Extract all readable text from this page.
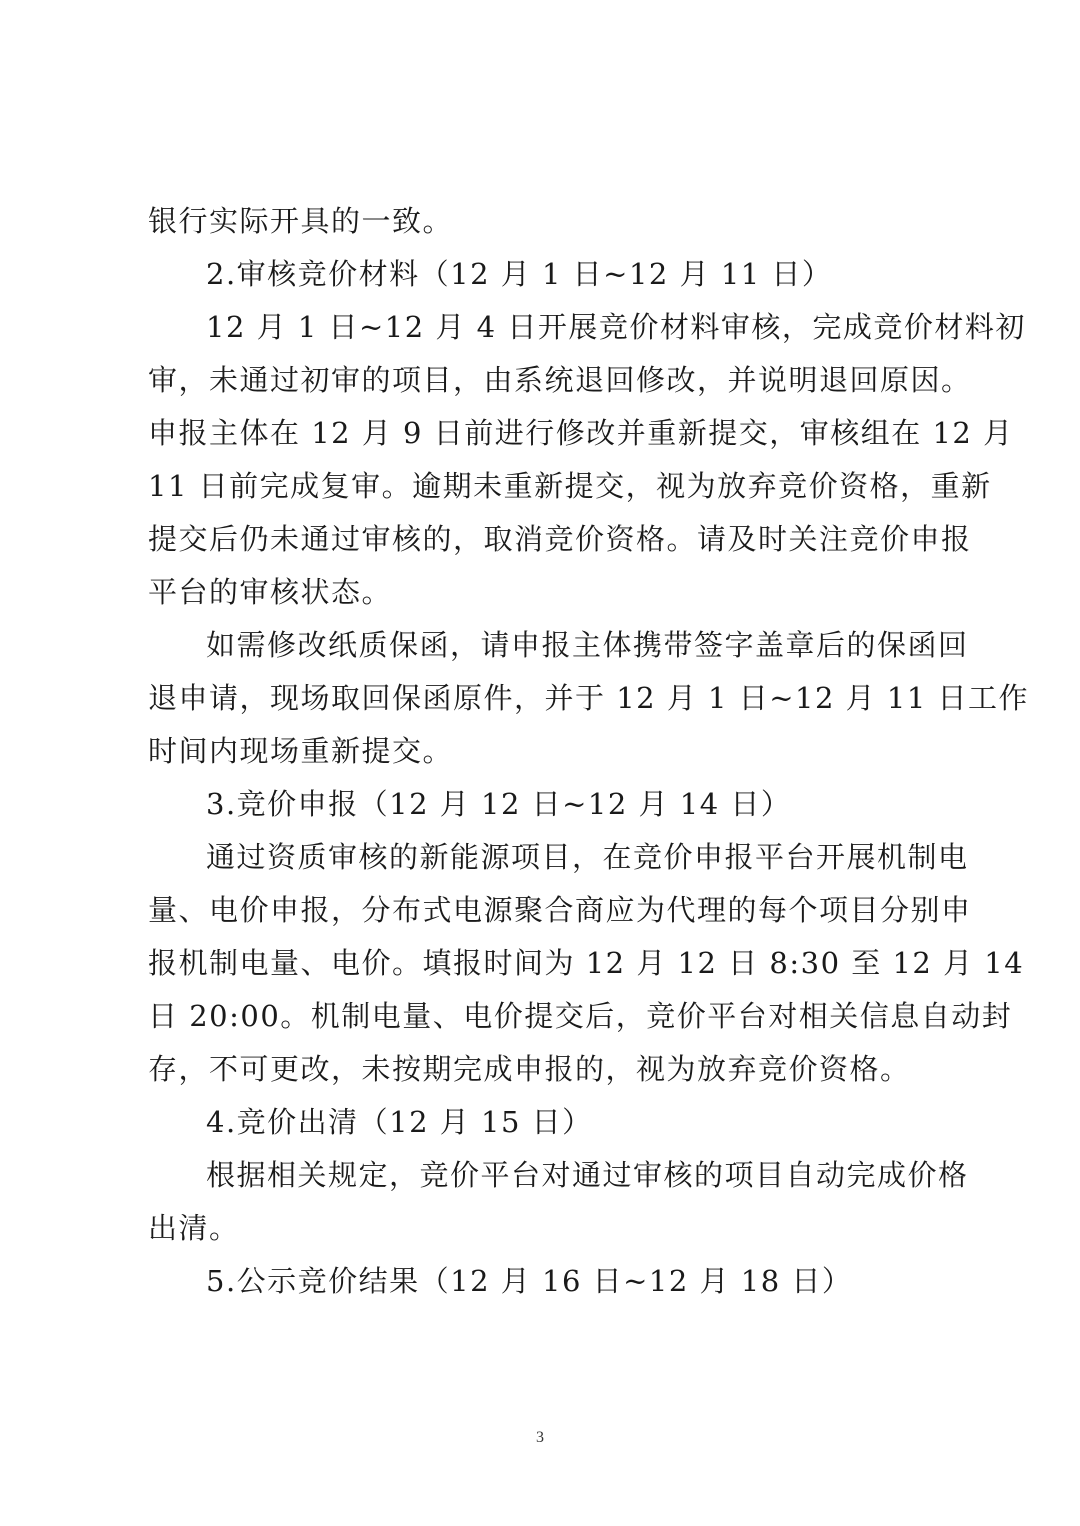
银行实际开具的一致。
2.审核竞价材料（12 月 1 日~12 月 11 日）
12 月 1 日~12 月 4 日开展竞价材料审核，完成竞价材料初
审，未通过初审的项目，由系统退回修改，并说明退回原因。
申报主体在 12 月 9 日前进行修改并重新提交，审核组在 12 月
11 日前完成复审。逾期未重新提交，视为放弃竞价资格，重新
提交后仍未通过审核的，取消竞价资格。请及时关注竞价申报
平台的审核状态。
如需修改纸质保函，请申报主体携带签字盖章后的保函回
退申请，现场取回保函原件，并于 12 月 1 日~12 月 11 日工作
时间内现场重新提交。
3.竞价申报（12 月 12 日~12 月 14 日）
通过资质审核的新能源项目，在竞价申报平台开展机制电
量、电价申报，分布式电源聚合商应为代理的每个项目分别申
报机制电量、电价。填报时间为 12 月 12 日 8:30 至 12 月 14
日 20:00。机制电量、电价提交后，竞价平台对相关信息自动封
存，不可更改，未按期完成申报的，视为放弃竞价资格。
4.竞价出清（12 月 15 日）
根据相关规定，竞价平台对通过审核的项目自动完成价格
出清。
5.公示竞价结果（12 月 16 日~12 月 18 日）
3
